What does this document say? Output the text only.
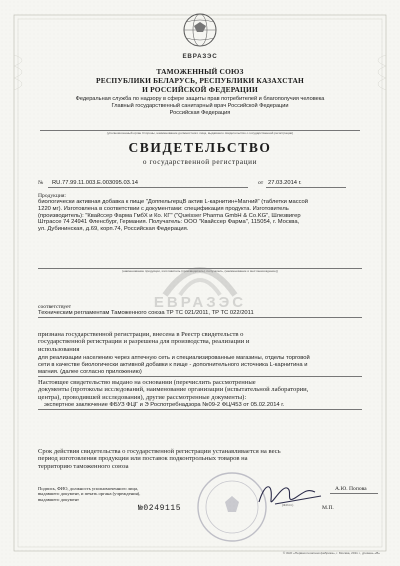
ЕВРАЗЭС
ТАМОЖЕННЫЙ СОЮЗ
РЕСПУБЛИКИ БЕЛАРУСЬ, РЕСПУБЛИКИ КАЗАХСТАН
И РОССИЙСКОЙ ФЕДЕРАЦИИ
Федеральная служба по надзору в сфере защиты прав потребителей и благополучия человека
Главный государственный санитарный врач Российской Федерации
Российская Федерация
(уполномоченный орган Стороны, наименование должностного лица, выдавшего свидетельство о государственной регистрации)
СВИДЕТЕЛЬСТВО
о государственной регистрации
№ RU.77.99.11.003.Е.003095.03.14	от 27.03.2014 г.
Продукция:
биологически активная добавка к пище "ДоппельгерцВ актив L-карнитин+Магний" (таблетки массой
1220 мг). Изготовлена в соответствии с документами: спецификация продукта. Изготовитель
(производитель): "Квайссер Фарма ГмбХ и Ко. КГ" ("Queisser Pharma GmbH & Co.KG", Шлезвигер
Штрассе 74 24941 Фленсбург, Германия. Получатель: ООО "Квайссер Фарма", 115054, г. Москва,
ул. Дубининская, д.69, корп.74, Российская Федерация.
(наименование продукции, изготовитель (производитель), получатель, (наименование и местонахождение))
ЕВРАЗЭС
соответствует
Техническим регламентам Таможенного союза ТР ТС 021/2011, ТР ТС 022/2011
признана государственной регистрации, внесена в Реестр свидетельств о
государственной регистрации и разрешена для производства, реализации и
использования
для реализации населению через аптечную сеть и специализированные магазины, отделы торговой
сети в качестве биологически активной добавки к пище - дополнительного источника L-карнитина и
магния. (далее согласно приложению)
Настоящее свидетельство выдано на основании (перечислить рассмотренные
документы (протоколы исследований, наименование организации (испытательной лаборатории,
центра), проводившей исследования), другие рассмотренные документы):
экспертное заключение ФБУЗ ФЦГ и Э Роспотребнадзора №09-2 ФЦ/453 от 05.02.2014 г.
Срок действия свидетельства о государственной регистрации устанавливается на весь
период изготовления продукции или поставок подконтрольных товаров на
территорию таможенного союза
Подпись, ФИО, должность уполномоченного лица,
выдавшего документ, и печать органа (учреждения),
выдавшего документ
А.Ю. Попова
(Ф.И.О.)	М.П.
№0249115
© ЗАО «Первая печатная фабрика», г. Москва, 2011 г., уровень «В»
